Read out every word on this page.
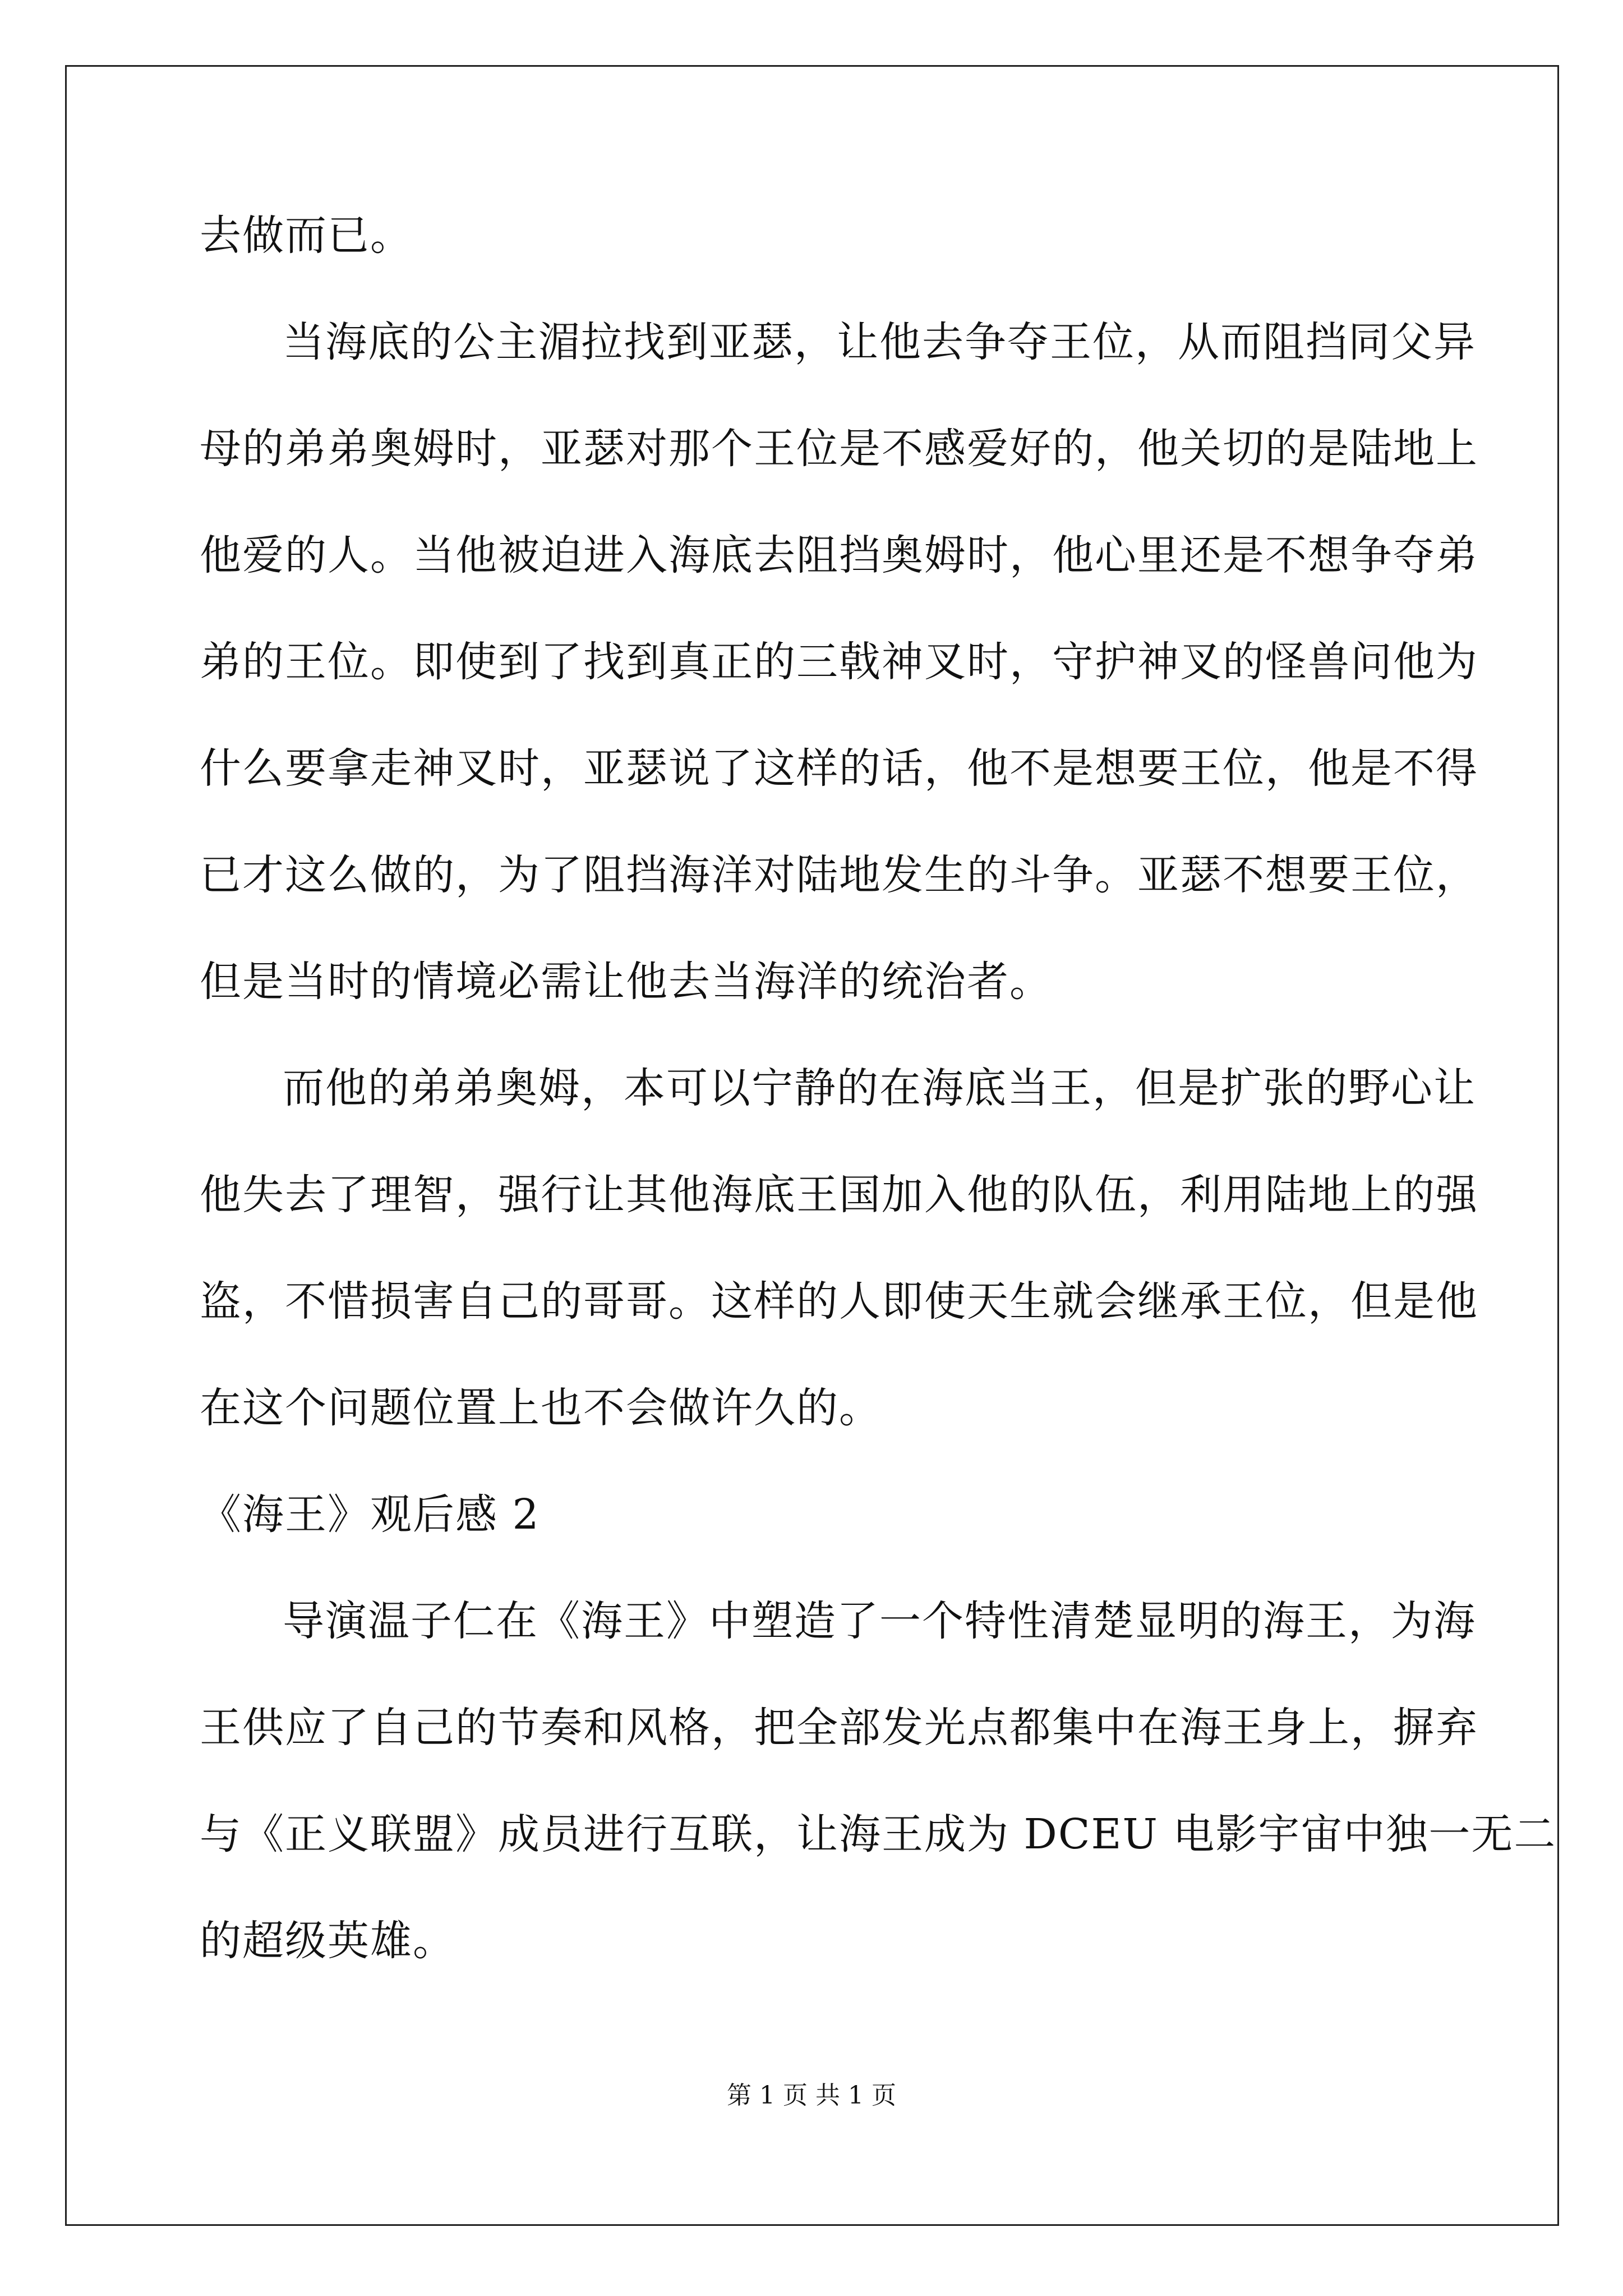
去做而已。
当海底的公主湄拉找到亚瑟，让他去争夺王位，从而阻挡同父异
母的弟弟奥姆时，亚瑟对那个王位是不感爱好的，他关切的是陆地上
他爱的人。当他被迫进入海底去阻挡奥姆时，他心里还是不想争夺弟
弟的王位。即使到了找到真正的三戟神叉时，守护神叉的怪兽问他为
什么要拿走神叉时，亚瑟说了这样的话，他不是想要王位，他是不得
已才这么做的，为了阻挡海洋对陆地发生的斗争。亚瑟不想要王位，
但是当时的情境必需让他去当海洋的统治者。
而他的弟弟奥姆，本可以宁静的在海底当王，但是扩张的野心让
他失去了理智，强行让其他海底王国加入他的队伍，利用陆地上的强
盗，不惜损害自己的哥哥。这样的人即使天生就会继承王位，但是他
在这个问题位置上也不会做许久的。
《海王》观后感 2
导演温子仁在《海王》中塑造了一个特性清楚显明的海王，为海
王供应了自己的节奏和风格，把全部发光点都集中在海王身上，摒弃
与《正义联盟》成员进行互联，让海王成为 DCEU 电影宇宙中独一无二
的超级英雄。
第 1 页 共 1 页
